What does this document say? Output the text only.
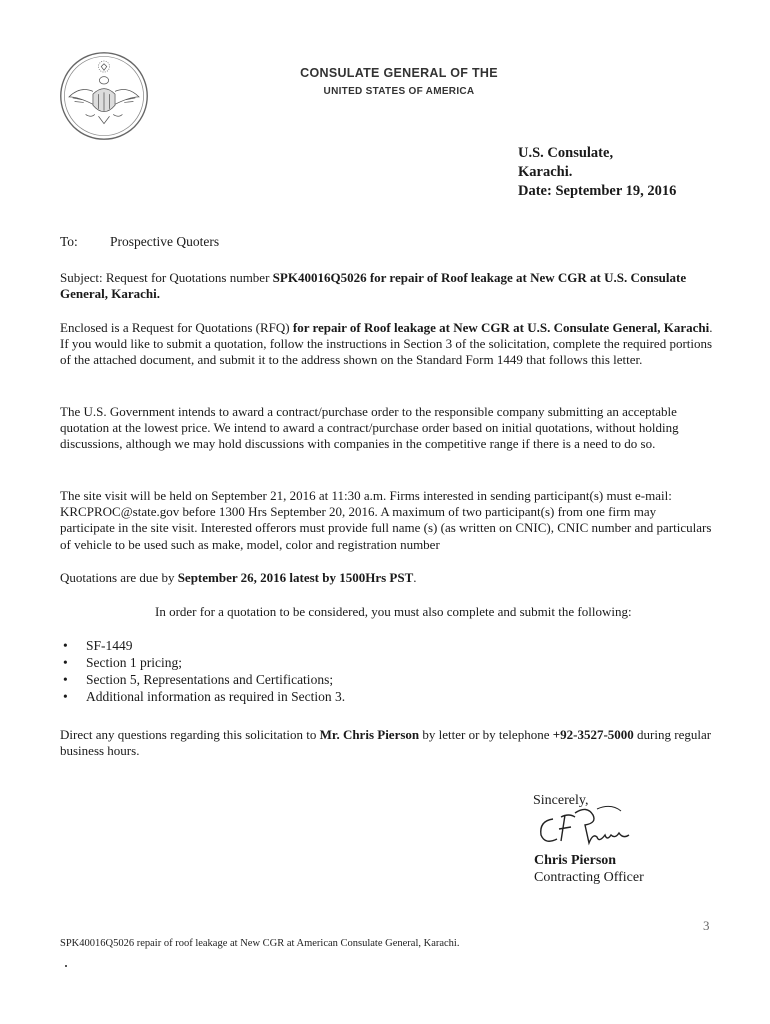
CONSULATE GENERAL OF THE
UNITED STATES OF AMERICA
U.S. Consulate,
Karachi.
Date: September 19, 2016
To: Prospective Quoters
Subject: Request for Quotations number SPK40016Q5026 for repair of Roof leakage at New CGR at U.S. Consulate General, Karachi.
Enclosed is a Request for Quotations (RFQ) for repair of Roof leakage at New CGR at U.S. Consulate General, Karachi. If you would like to submit a quotation, follow the instructions in Section 3 of the solicitation, complete the required portions of the attached document, and submit it to the address shown on the Standard Form 1449 that follows this letter.
The U.S. Government intends to award a contract/purchase order to the responsible company submitting an acceptable quotation at the lowest price. We intend to award a contract/purchase order based on initial quotations, without holding discussions, although we may hold discussions with companies in the competitive range if there is a need to do so.
The site visit will be held on September 21, 2016 at 11:30 a.m. Firms interested in sending participant(s) must e-mail: KRCPROC@state.gov before 1300 Hrs September 20, 2016. A maximum of two participant(s) from one firm may participate in the site visit. Interested offerors must provide full name (s) (as written on CNIC), CNIC number and particulars of vehicle to be used such as make, model, color and registration number
Quotations are due by September 26, 2016 latest by 1500Hrs PST.
In order for a quotation to be considered, you must also complete and submit the following:
• SF-1449
• Section 1 pricing;
• Section 5, Representations and Certifications;
• Additional information as required in Section 3.
Direct any questions regarding this solicitation to Mr. Chris Pierson by letter or by telephone +92-3527-5000 during regular business hours.
Sincerely,
Chris Pierson
Contracting Officer
3
SPK40016Q5026 repair of roof leakage at New CGR at American Consulate General, Karachi.
